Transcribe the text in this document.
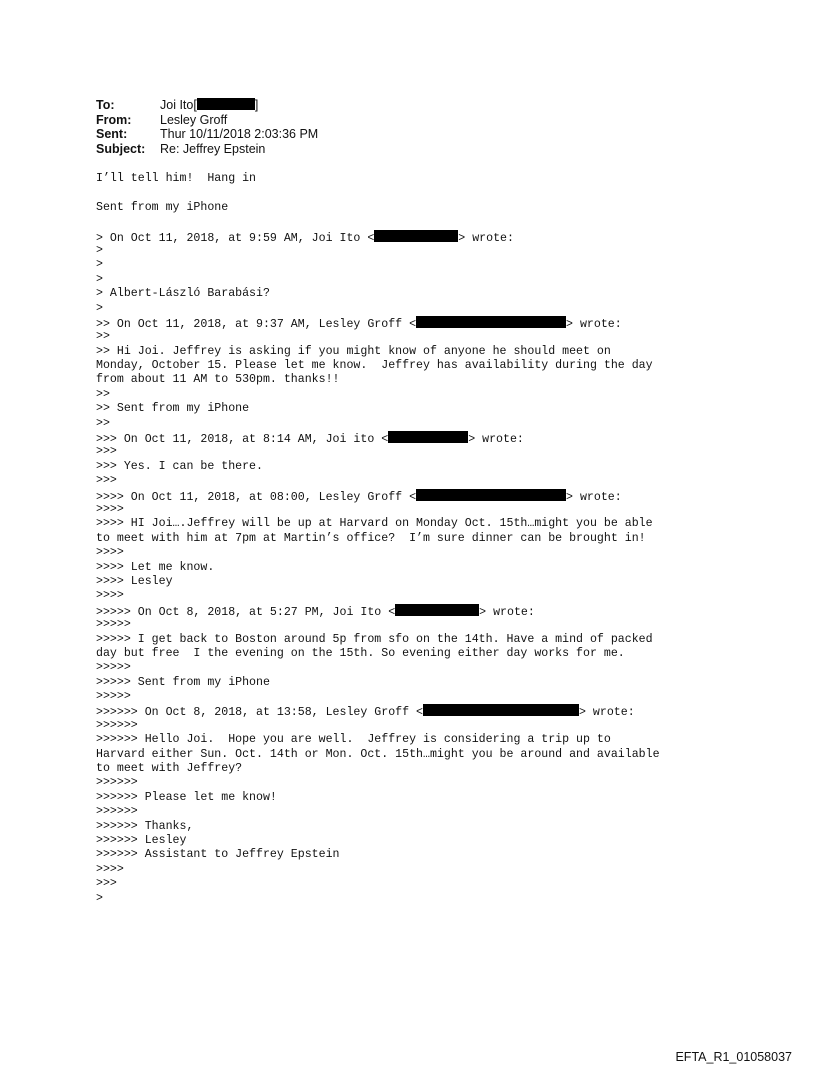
To:	Joi Ito[	]
From:	Lesley Groff
Sent:	Thur 10/11/2018 2:03:36 PM
Subject:	Re: Jeffrey Epstein
I’ll tell him!  Hang in
Sent from my iPhone
> On Oct 11, 2018, at 9:59 AM, Joi Ito <	> wrote:
>
>
>
> Albert-László Barabási?
>
>> On Oct 11, 2018, at 9:37 AM, Lesley Groff <	> wrote:
>>
>> Hi Joi. Jeffrey is asking if you might know of anyone he should meet on
Monday, October 15. Please let me know.  Jeffrey has availability during the day
from about 11 AM to 530pm. thanks!!
>>
>> Sent from my iPhone
>>
>>> On Oct 11, 2018, at 8:14 AM, Joi ito <	> wrote:
>>>
>>> Yes. I can be there.
>>>
>>>> On Oct 11, 2018, at 08:00, Lesley Groff <	> wrote:
>>>>
>>>> HI Joi….Jeffrey will be up at Harvard on Monday Oct. 15th…might you be able
to meet with him at 7pm at Martin’s office?  I’m sure dinner can be brought in!
>>>>
>>>> Let me know.
>>>> Lesley
>>>>
>>>>> On Oct 8, 2018, at 5:27 PM, Joi Ito <	> wrote:
>>>>>
>>>>> I get back to Boston around 5p from sfo on the 14th. Have a mind of packed
day but free  I the evening on the 15th. So evening either day works for me.
>>>>>
>>>>> Sent from my iPhone
>>>>>
>>>>>> On Oct 8, 2018, at 13:58, Lesley Groff <	> wrote:
>>>>>>
>>>>>> Hello Joi.  Hope you are well.  Jeffrey is considering a trip up to
Harvard either Sun. Oct. 14th or Mon. Oct. 15th…might you be around and available
to meet with Jeffrey?
>>>>>>
>>>>>> Please let me know!
>>>>>>
>>>>>> Thanks,
>>>>>> Lesley
>>>>>> Assistant to Jeffrey Epstein
>>>>
>>>
>
EFTA_R1_01058037
